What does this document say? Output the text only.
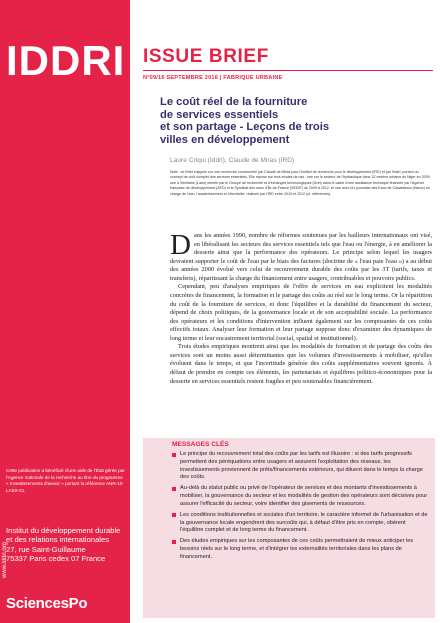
IDDRI
Cette publication a bénéficié d'une aide de l'État gérée par l'Agence nationale de la recherche au titre du programme « Investissements d'avenir » portant la référence ANR-10-LABX-01.
Institut du développement durable
et des relations internationales
27, rue Saint-Guillaume
75337 Paris cedex 07 France
SciencesPo
www.iddri.org
ISSUE BRIEF
N°09/16 SEPTEMBRE 2016 | FABRIQUE URBAINE
Le coût réel de la fourniture
de services essentiels
et son partage - Leçons de trois
villes en développement
Laure Criqui (Iddri), Claude de Miras (IRD)
Note : ce Brief s'appuie sur une recherche coordonnée par Claude de Miras pour l'Institut de recherche pour le développement (IRD) et par l'Iddri, portant du concept de coût complet des services essentiels. Elle repose sur trois études de cas : une sur le secteur de l'hydraulique dans 32 centres urbains du Niger en 2009, une à Vientiane (Laos) menée par le Groupe de recherche et d'échanges technologiques (Gret) dans le cadre d'une assistance technique financée par l'Agence française de développement (AFD) et le Syndicat des eaux d'Île-de-France (SEDIF) de 2009 à 2012, et une avec la Lyonnaise des Eaux de Casablanca (Maroc) en charge de l'eau, l'assainissement et l'électricité, réalisée par l'IRD entre 2010 et 2012 (cf. références).

Dans les années 1990, nombre de réformes soutenues par les bailleurs internationaux ont visé, en libéralisant les secteurs des services essentiels tels que l'eau ou l'énergie, à en améliorer la desserte ainsi que la performance des opérateurs. Le principe selon lequel les usagers devraient supporter le coût de l'eau par le biais des factures (doctrine de « l'eau paie l'eau ») a au début des années 2000 évolué vers celui de recouvrement durable des coûts par les 3T (tarifs, taxes et transferts), répartissant la charge du financement entre usagers, contribuables et pouvoirs publics.

Cependant, peu d'analyses empiriques de l'offre de services en eau explicitent les modalités concrètes de financement, la formation et le partage des coûts au réel sur le long terme. Or la répartition du coût de la fourniture de services, et donc l'équilibre et la durabilité du financement du secteur, dépend de choix politiques, de la gouvernance locale et de son acceptabilité sociale. La performance des opérateurs et les conditions d'intervention influent également sur les composantes de ces coûts effectifs totaux. Analyser leur formation et leur partage suppose donc d'examiner des dynamiques de long terme et leur encastrement territorial (social, spatial et institutionnel).

Trois études empiriques montrent ainsi que les modalités de formation et de partage des coûts des services sont un moins aussi déterminantes que les volumes d'investissements à mobiliser, qu'elles évoluent dans le temps, et que l'incertitude générée des coûts supplémentaires souvent ignorés. À défaut de prendre en compte ces éléments, les partenariats et équilibres politico-économiques pour la desserte en services essentiels restent fragiles et peu soutenables financièrement.

MESSAGES CLÉS
Le principe du recouvrement total des coûts par les tarifs est illusoire : si des tarifs progressifs permettent des péréquations entre usagers et assurent l'exploitation des réseaux, les investissements proviennent de prêts/financements extérieurs, qui diluent dans le temps la charge des coûts.
Au-delà du statut public ou privé de l'opérateur de services et des montants d'investissements à mobiliser, la gouvernance du secteur et les modalités de gestion des opérateurs sont décisives pour assurer l'efficacité du secteur, voire identifier des gisements de ressources.
Les conditions institutionnelles et sociales d'un territoire, le caractère informel de l'urbanisation et de la gouvernance locale engendrent des surcoûts qui, à défaut d'être pris en compte, obèrent l'équilibre complet et de long terme du financement.
Des études empiriques sur les composantes de ces coûts permettraient de mieux anticiper les besoins réels sur le long terme, et d'intégrer les externalités territoriales dans les plans de financement.
